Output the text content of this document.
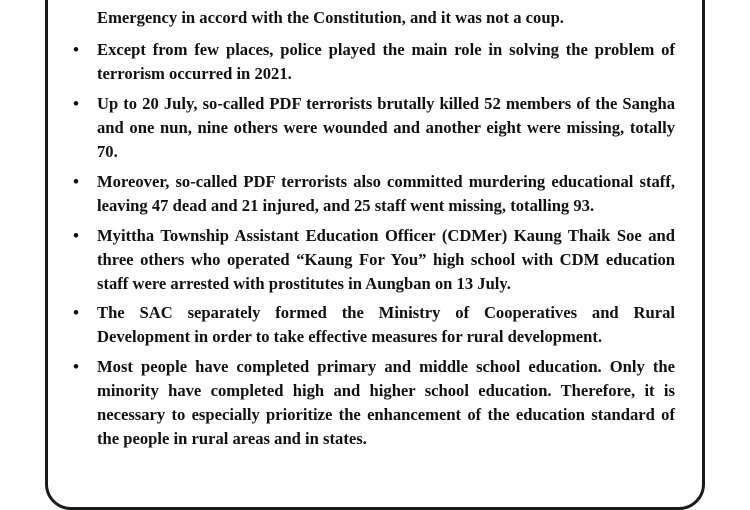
Emergency in accord with the Constitution, and it was not a coup.

• Except from few places, police played the main role in solving the problem of terrorism occurred in 2021.

• Up to 20 July, so-called PDF terrorists brutally killed 52 members of the Sangha and one nun, nine others were wounded and another eight were missing, totally 70.

• Moreover, so-called PDF terrorists also committed murdering educational staff, leaving 47 dead and 21 injured, and 25 staff went missing, totalling 93.

• Myittha Township Assistant Education Officer (CDMer) Kaung Thaik Soe and three others who operated “Kaung For You” high school with CDM education staff were arrested with prostitutes in Aungban on 13 July.

• The SAC separately formed the Ministry of Cooperatives and Rural Development in order to take effective measures for rural development.

• Most people have completed primary and middle school education. Only the minority have completed high and higher school education. Therefore, it is necessary to especially prioritize the enhancement of the education standard of the people in rural areas and in states.
